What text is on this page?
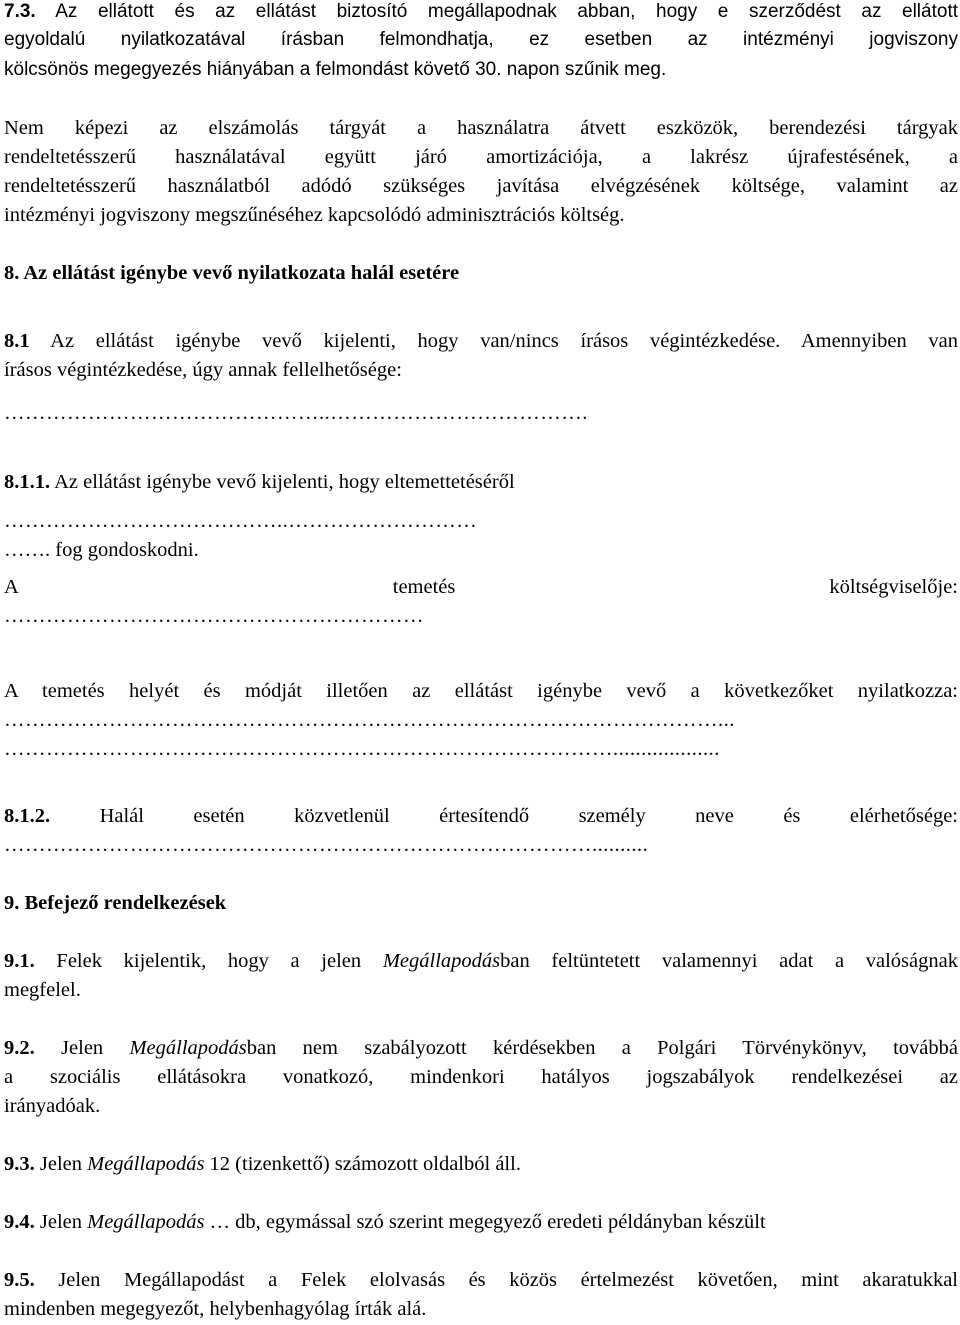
7.3. Az ellátott és az ellátást biztosító megállapodnak abban, hogy e szerződést az ellátott

egyoldalú nyilatkozatával írásban felmondhatja, ez esetben az intézményi jogviszony

kölcsönös megegyezés hiányában a felmondást követő 30. napon szűnik meg.

Nem képezi az elszámolás tárgyát a használatra átvett eszközök, berendezési tárgyak

rendeltetésszerű használatával együtt járó amortizációja, a lakrész újrafestésének, a

rendeltetésszerű használatból adódó szükséges javítása elvégzésének költsége, valamint az

intézményi jogviszony megszűnéséhez kapcsolódó adminisztrációs költség.

8. Az ellátást igénybe vevő nyilatkozata halál esetére

8.1 Az ellátást igénybe vevő kijelenti, hogy van/nincs írásos végintézkedése. Amennyiben van

írásos végintézkedése, úgy annak fellelhetősége:

………………………………………..……………………………….

8.1.1. Az ellátást igénybe vevő kijelenti, hogy eltemettetéséről

…………………………………..………………………

……. fog gondoskodni.

A	temetés	költségviselője:

……………………………………………………

A temetés helyét és módját illetően az ellátást igénybe vevő a következőket nyilatkozza:

…………………………………………………………………………………………...

……………………………………………………………………………...................

8.1.2. Halál esetén közvetlenül értesítendő személy neve és elérhetősége:

…………………………………………………………………………..........

9. Befejező rendelkezések

9.1. Felek kijelentik, hogy a jelen Megállapodásban feltüntetett valamennyi adat a valóságnak

megfelel.

9.2. Jelen Megállapodásban nem szabályozott kérdésekben a Polgári Törvénykönyv, továbbá

a szociális ellátásokra vonatkozó, mindenkori hatályos jogszabályok rendelkezései az

irányadóak.

9.3. Jelen Megállapodás 12 (tizenkettő) számozott oldalból áll.

9.4. Jelen Megállapodás … db, egymással szó szerint megegyező eredeti példányban készült

9.5. Jelen Megállapodást a Felek elolvasás és közös értelmezést követően, mint akaratukkal

mindenben megegyezőt, helybenhagyólag írták alá.
